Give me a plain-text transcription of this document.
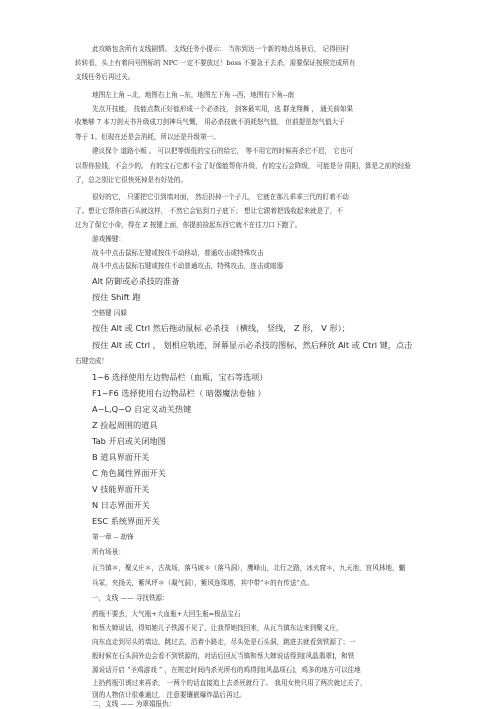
此攻略包含所有支线剧情。 支线任务小提示： 当你到达一个新的地点场景后， 记得回村
转转看，头上有着问号图标的 NPC 一定不要放过！boss 不要急于去杀，需要保证按照完成所有
支线任务后再过关。
地图左上角 --北，地图右上角 --东，地图左下角 --西，地图右下角--南
先点开技能， 技能点数正好能形成一个必杀技， 剑客最实用，选 群龙翔舞 ， 通关前如果
收集够 7 本刀剑天书升级成刀剑神兵气慨， 用必杀技就不消耗怒气值， 但前提是怒气值大于
等于 1。但现在还是会消耗，所以还是升级第一。
建议保个 道路小贩 。 可以把等级低的宝石的给它， 等不用它的时候再杀它不迟， 它也可
以帮你捡钱，不会少的。 有的宝石它都不会了好像能帮你升级，有的宝石会降级， 可能是分 阴阳，算是之前的经验
了，总之别让它很快死掉是有好处的。
很好的它， 只要把它引到墙对面， 然后扔掉一个子儿， 它就在那儿乖乖三代的盯着不动
了。想让它帮你搭石头就这样， 不然它会钻到刀子底下； 想让它跟着把钱收起来就是了，不
过为了保它小命，得在 Z 按键上面，你提前捡起东西它就不在往刀口下跑了。
游戏操键：
战斗中点击鼠标左键或按住不动移动，普通攻击或特殊攻击
战斗中点击鼠标右键或按住不动普通攻击，特殊攻击，连击或暗器
Alt 防御或必杀技的准备
按住 Shift 跑
空格键 闪躲
按住 Alt 或 Ctrl 然后拖动鼠标 必杀技 （横线， 竖线， Z 形， V 形）；
按住 Alt 或 Ctrl ， 划相应轨迹，屏幕显示必杀技的图标，然后释放 Alt 或 Ctrl 键，点击
右键完成！
1~6 选择使用左边物品栏（血瓶，宝石等选项）
F1~F6 选择使用右边物品栏（ 暗器魔法卷轴 ）
A~L,Q~O 自定义动关热键
Z 捡起周围的道具
Tab 开启或关闭地图
B 道具界面开关
C 角色属性界面开关
V 技能界面开关
N 日志界面开关
ESC 系统界面开关
第一章 -- 劫锋
所有场景：
瓦当镇＊，聚义庄＊，古战场，落马坡＊（落马洞），鹰峰山，北行之路，冰火窟＊，九天池，宫风林地，魍
兵冢，夹扬关，紫风坪＊（凝气洞），紫风连珠塔，其中带“＊的有传送”点。
一，支线 —— 寻找铁源：
药瓶不要丢，大气瓶+大血瓶+大回生瓶=极品宝石
和蔡大婶说话，得知她儿子铁源不见了，让我帮她找回来，从瓦当镇东边来到聚义庄，
向东直走到尽头的墙边，跳过去，沿着小路走，尽头处是石头洞，跳进去就看到铁源了；一
般时候在石头洞外边会看不到铁源的，对话后回瓦当镇和蔡大婶说话得到[风晶翡翠]，和铁
源说话开启 “圣鸡游戏 ” ，在规定时间内杀光所有的鸡得到[风晶项石]，鸡多的地方可以往地
上扔药瓶引诱过来再杀， 一两个的话直接追上去杀死就行了。 我用女侠只用了两次就过关了，
别的人物估计很难通过， 注意要镶嵌爆炸晶后再过。
二，支线 —— 为翠娟报仇：
